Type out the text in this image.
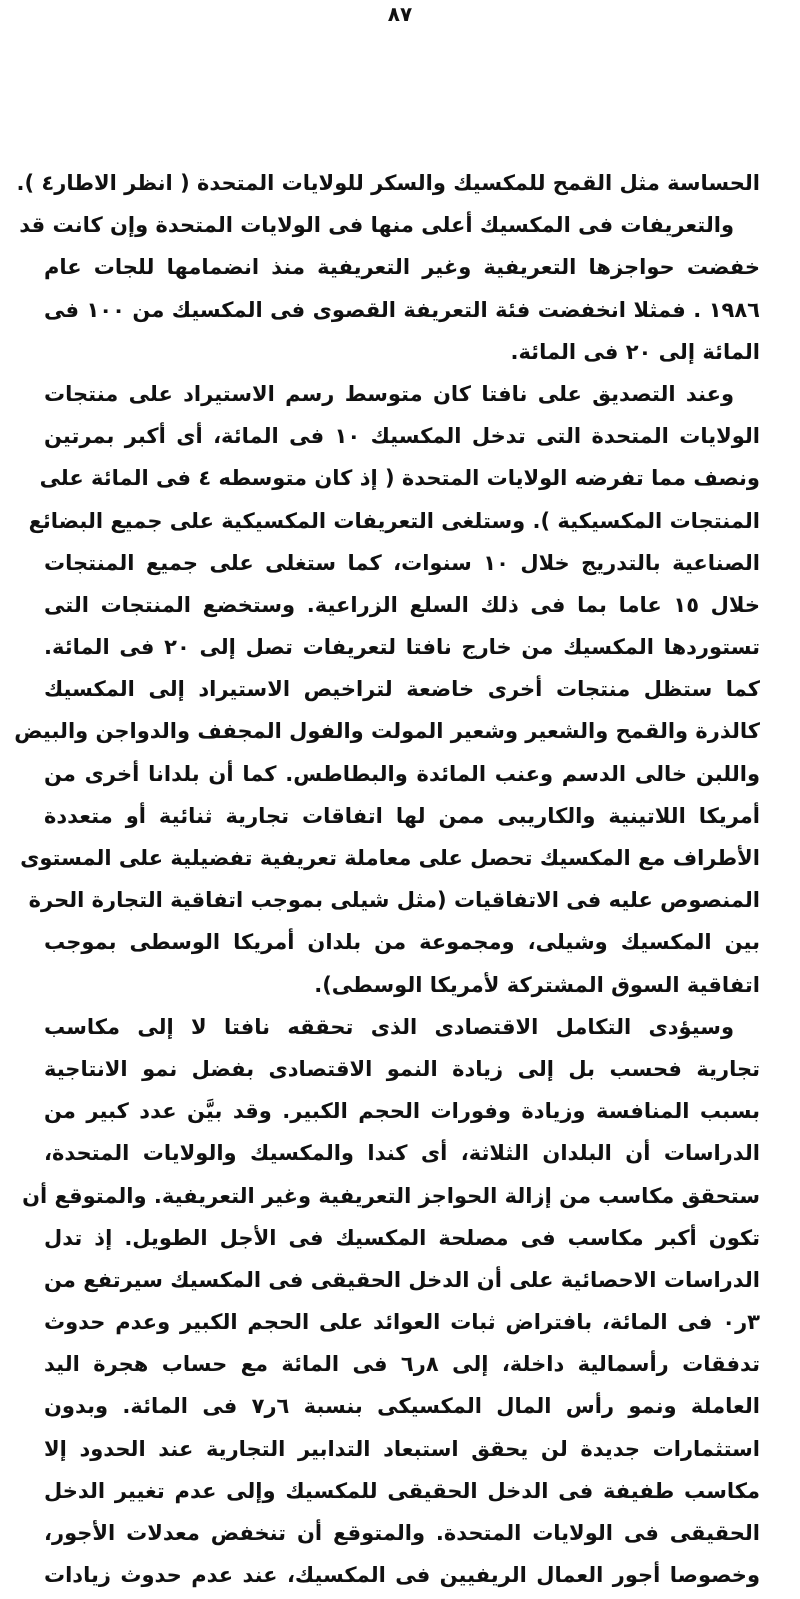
٨٧
الحساسة مثل القمح للمكسيك والسكر للولايات المتحدة ( انظر الاطار٤ ).
والتعريفات فى المكسيك أعلى منها فى الولايات المتحدة وإن كانت قد
خفضت حواجزها التعريفية وغير التعريفية منذ انضمامها للجات عام
١٩٨٦ . فمثلا انخفضت فئة التعريفة القصوى فى المكسيك من ١٠٠ فى
المائة إلى ٢٠ فى المائة.
وعند التصديق على نافتا كان متوسط رسم الاستيراد على منتجات
الولايات المتحدة التى تدخل المكسيك ١٠ فى المائة، أى أكبر بمرتين
ونصف مما تفرضه الولايات المتحدة ( إذ كان متوسطه ٤ فى المائة على
المنتجات المكسيكية ). وستلغى التعريفات المكسيكية على جميع البضائع
الصناعية بالتدريج خلال ١٠ سنوات، كما ستغلى على جميع المنتجات
خلال ١٥ عاما بما فى ذلك السلع الزراعية. وستخضع المنتجات التى
تستوردها المكسيك من خارج نافتا لتعريفات تصل إلى ٢٠ فى المائة.
كما ستظل منتجات أخرى خاضعة لتراخيص الاستيراد إلى المكسيك
كالذرة والقمح والشعير وشعير المولت والفول المجفف والدواجن والبيض
واللبن خالى الدسم وعنب المائدة والبطاطس. كما أن بلدانا أخرى من
أمريكا اللاتينية والكاريبى ممن لها اتفاقات تجارية ثنائية أو متعددة
الأطراف مع المكسيك تحصل على معاملة تعريفية تفضيلية على المستوى
المنصوص عليه فى الاتفاقيات (مثل شيلى بموجب اتفاقية التجارة الحرة
بين المكسيك وشيلى، ومجموعة من بلدان أمريكا الوسطى بموجب
اتفاقية السوق المشتركة لأمريكا الوسطى).
وسيؤدى التكامل الاقتصادى الذى تحققه نافتا لا إلى مكاسب
تجارية فحسب بل إلى زيادة النمو الاقتصادى بفضل نمو الانتاجية
بسبب المنافسة وزيادة وفورات الحجم الكبير. وقد بيَّن عدد كبير من
الدراسات أن البلدان الثلاثة، أى كندا والمكسيك والولايات المتحدة،
ستحقق مكاسب من إزالة الحواجز التعريفية وغير التعريفية. والمتوقع أن
تكون أكبر مكاسب فى مصلحة المكسيك فى الأجل الطويل. إذ تدل
الدراسات الاحصائية على أن الدخل الحقيقى فى المكسيك سيرتفع من
٣ر٠ فى المائة، بافتراض ثبات العوائد على الحجم الكبير وعدم حدوث
تدفقات رأسمالية داخلة، إلى ٨ر٦ فى المائة مع حساب هجرة اليد
العاملة ونمو رأس المال المكسيكى بنسبة ٦ر٧ فى المائة. وبدون
استثمارات جديدة لن يحقق استبعاد التدابير التجارية عند الحدود إلا
مكاسب طفيفة فى الدخل الحقيقى للمكسيك وإلى عدم تغيير الدخل
الحقيقى فى الولايات المتحدة. والمتوقع أن تنخفض معدلات الأجور،
وخصوصا أجور العمال الريفيين فى المكسيك، عند عدم حدوث زيادات
